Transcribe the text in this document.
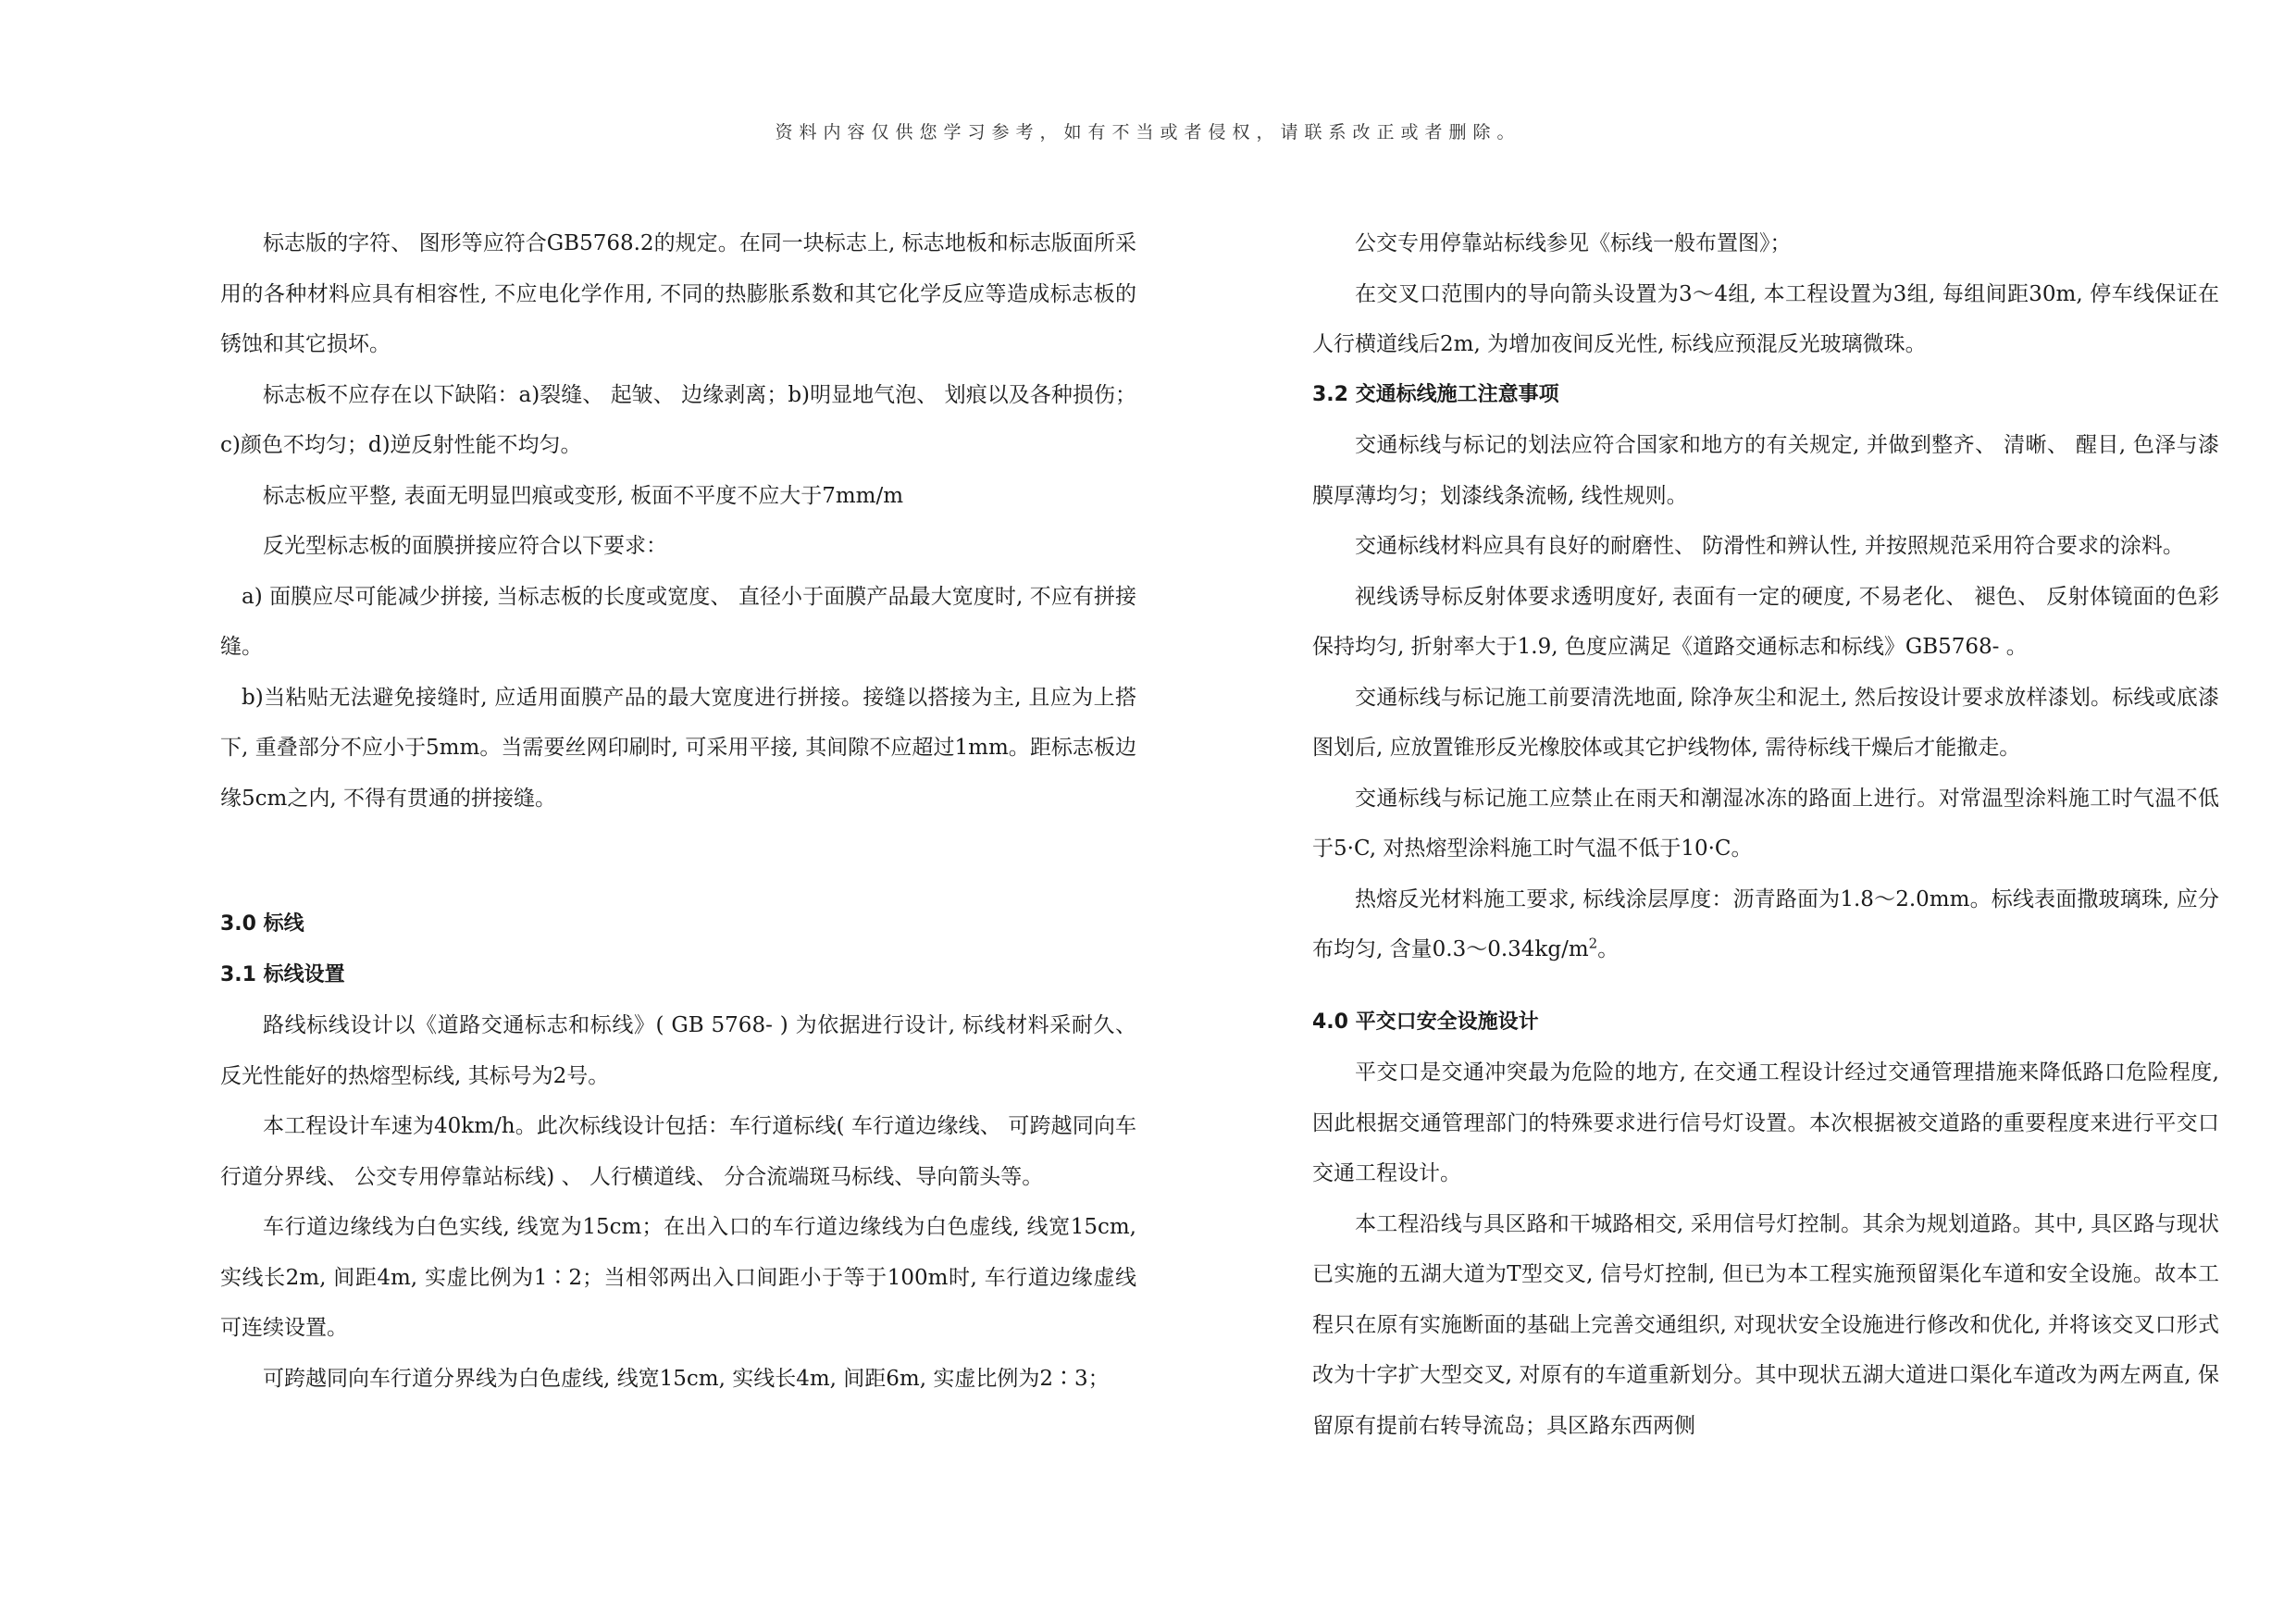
资料内容仅供您学习参考，如有不当或者侵权，请联系改正或者删除。

标志版的字符、 图形等应符合GB5768.2的规定。在同一块标志上, 标志地板和标志版面所采用的各种材料应具有相容性, 不应电化学作用, 不同的热膨胀系数和其它化学反应等造成标志板的锈蚀和其它损坏。

标志板不应存在以下缺陷：a)裂缝、 起皱、 边缘剥离；b)明显地气泡、 划痕以及各种损伤；c)颜色不均匀；d)逆反射性能不均匀。

标志板应平整, 表面无明显凹痕或变形, 板面不平度不应大于7mm/m

反光型标志板的面膜拼接应符合以下要求：

a) 面膜应尽可能减少拼接, 当标志板的长度或宽度、 直径小于面膜产品最大宽度时, 不应有拼接缝。

b)当粘贴无法避免接缝时, 应适用面膜产品的最大宽度进行拼接。接缝以搭接为主, 且应为上搭下, 重叠部分不应小于5mm。当需要丝网印刷时, 可采用平接, 其间隙不应超过1mm。距标志板边缘5cm之内, 不得有贯通的拼接缝。

3.0 标线

3.1 标线设置

路线标线设计以《道路交通标志和标线》( GB 5768- ) 为依据进行设计, 标线材料采耐久、 反光性能好的热熔型标线, 其标号为2号。

本工程设计车速为40km/h。此次标线设计包括：车行道标线( 车行道边缘线、 可跨越同向车行道分界线、 公交专用停靠站标线) 、 人行横道线、 分合流端斑马标线、导向箭头等。

车行道边缘线为白色实线, 线宽为15cm；在出入口的车行道边缘线为白色虚线, 线宽15cm, 实线长2m, 间距4m, 实虚比例为1∶2；当相邻两出入口间距小于等于100m时, 车行道边缘虚线可连续设置。

可跨越同向车行道分界线为白色虚线, 线宽15cm, 实线长4m, 间距6m, 实虚比例为2∶3；

公交专用停靠站标线参见《标线一般布置图》；

在交叉口范围内的导向箭头设置为3～4组, 本工程设置为3组, 每组间距30m, 停车线保证在人行横道线后2m, 为增加夜间反光性, 标线应预混反光玻璃微珠。

3.2 交通标线施工注意事项

交通标线与标记的划法应符合国家和地方的有关规定, 并做到整齐、 清晰、 醒目, 色泽与漆膜厚薄均匀；划漆线条流畅, 线性规则。

交通标线材料应具有良好的耐磨性、 防滑性和辨认性, 并按照规范采用符合要求的涂料。

视线诱导标反射体要求透明度好, 表面有一定的硬度, 不易老化、 褪色、 反射体镜面的色彩保持均匀, 折射率大于1.9, 色度应满足《道路交通标志和标线》GB5768- 。

交通标线与标记施工前要清洗地面, 除净灰尘和泥土, 然后按设计要求放样漆划。标线或底漆图划后, 应放置锥形反光橡胶体或其它护线物体, 需待标线干燥后才能撤走。

交通标线与标记施工应禁止在雨天和潮湿冰冻的路面上进行。对常温型涂料施工时气温不低于5·C, 对热熔型涂料施工时气温不低于10·C。

热熔反光材料施工要求, 标线涂层厚度：沥青路面为1.8～2.0mm。标线表面撒玻璃珠, 应分布均匀, 含量$0.3\sim 0.34kg/m^2$。

4.0 平交口安全设施设计

平交口是交通冲突最为危险的地方, 在交通工程设计经过交通管理措施来降低路口危险程度, 因此根据交通管理部门的特殊要求进行信号灯设置。本次根据被交道路的重要程度来进行平交口交通工程设计。

本工程沿线与具区路和干城路相交, 采用信号灯控制。其余为规划道路。其中, 具区路与现状已实施的五湖大道为T型交叉, 信号灯控制, 但已为本工程实施预留渠化车道和安全设施。故本工程只在原有实施断面的基础上完善交通组织, 对现状安全设施进行修改和优化, 并将该交叉口形式改为十字扩大型交叉, 对原有的车道重新划分。其中现状五湖大道进口渠化车道改为两左两直, 保留原有提前右转导流岛；具区路东西两侧
